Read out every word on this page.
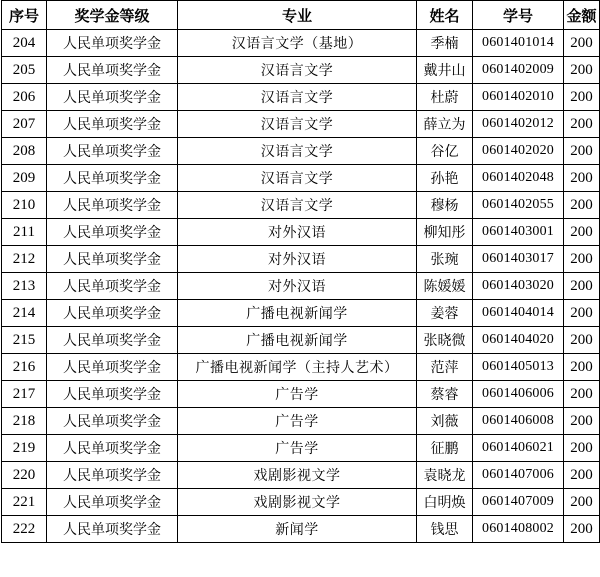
序号	奖学金等级	专业	姓名	学号	金额
204	人民单项奖学金	汉语言文学（基地）	季楠	0601401014	200
205	人民单项奖学金	汉语言文学	戴井山	0601402009	200
206	人民单项奖学金	汉语言文学	杜蔚	0601402010	200
207	人民单项奖学金	汉语言文学	薛立为	0601402012	200
208	人民单项奖学金	汉语言文学	谷亿	0601402020	200
209	人民单项奖学金	汉语言文学	孙艳	0601402048	200
210	人民单项奖学金	汉语言文学	穆杨	0601402055	200
211	人民单项奖学金	对外汉语	柳知彤	0601403001	200
212	人民单项奖学金	对外汉语	张琬	0601403017	200
213	人民单项奖学金	对外汉语	陈媛媛	0601403020	200
214	人民单项奖学金	广播电视新闻学	姜蓉	0601404014	200
215	人民单项奖学金	广播电视新闻学	张晓微	0601404020	200
216	人民单项奖学金	广播电视新闻学（主持人艺术）	范萍	0601405013	200
217	人民单项奖学金	广告学	蔡睿	0601406006	200
218	人民单项奖学金	广告学	刘薇	0601406008	200
219	人民单项奖学金	广告学	征鹏	0601406021	200
220	人民单项奖学金	戏剧影视文学	袁晓龙	0601407006	200
221	人民单项奖学金	戏剧影视文学	白明焕	0601407009	200
222	人民单项奖学金	新闻学	钱思	0601408002	200
